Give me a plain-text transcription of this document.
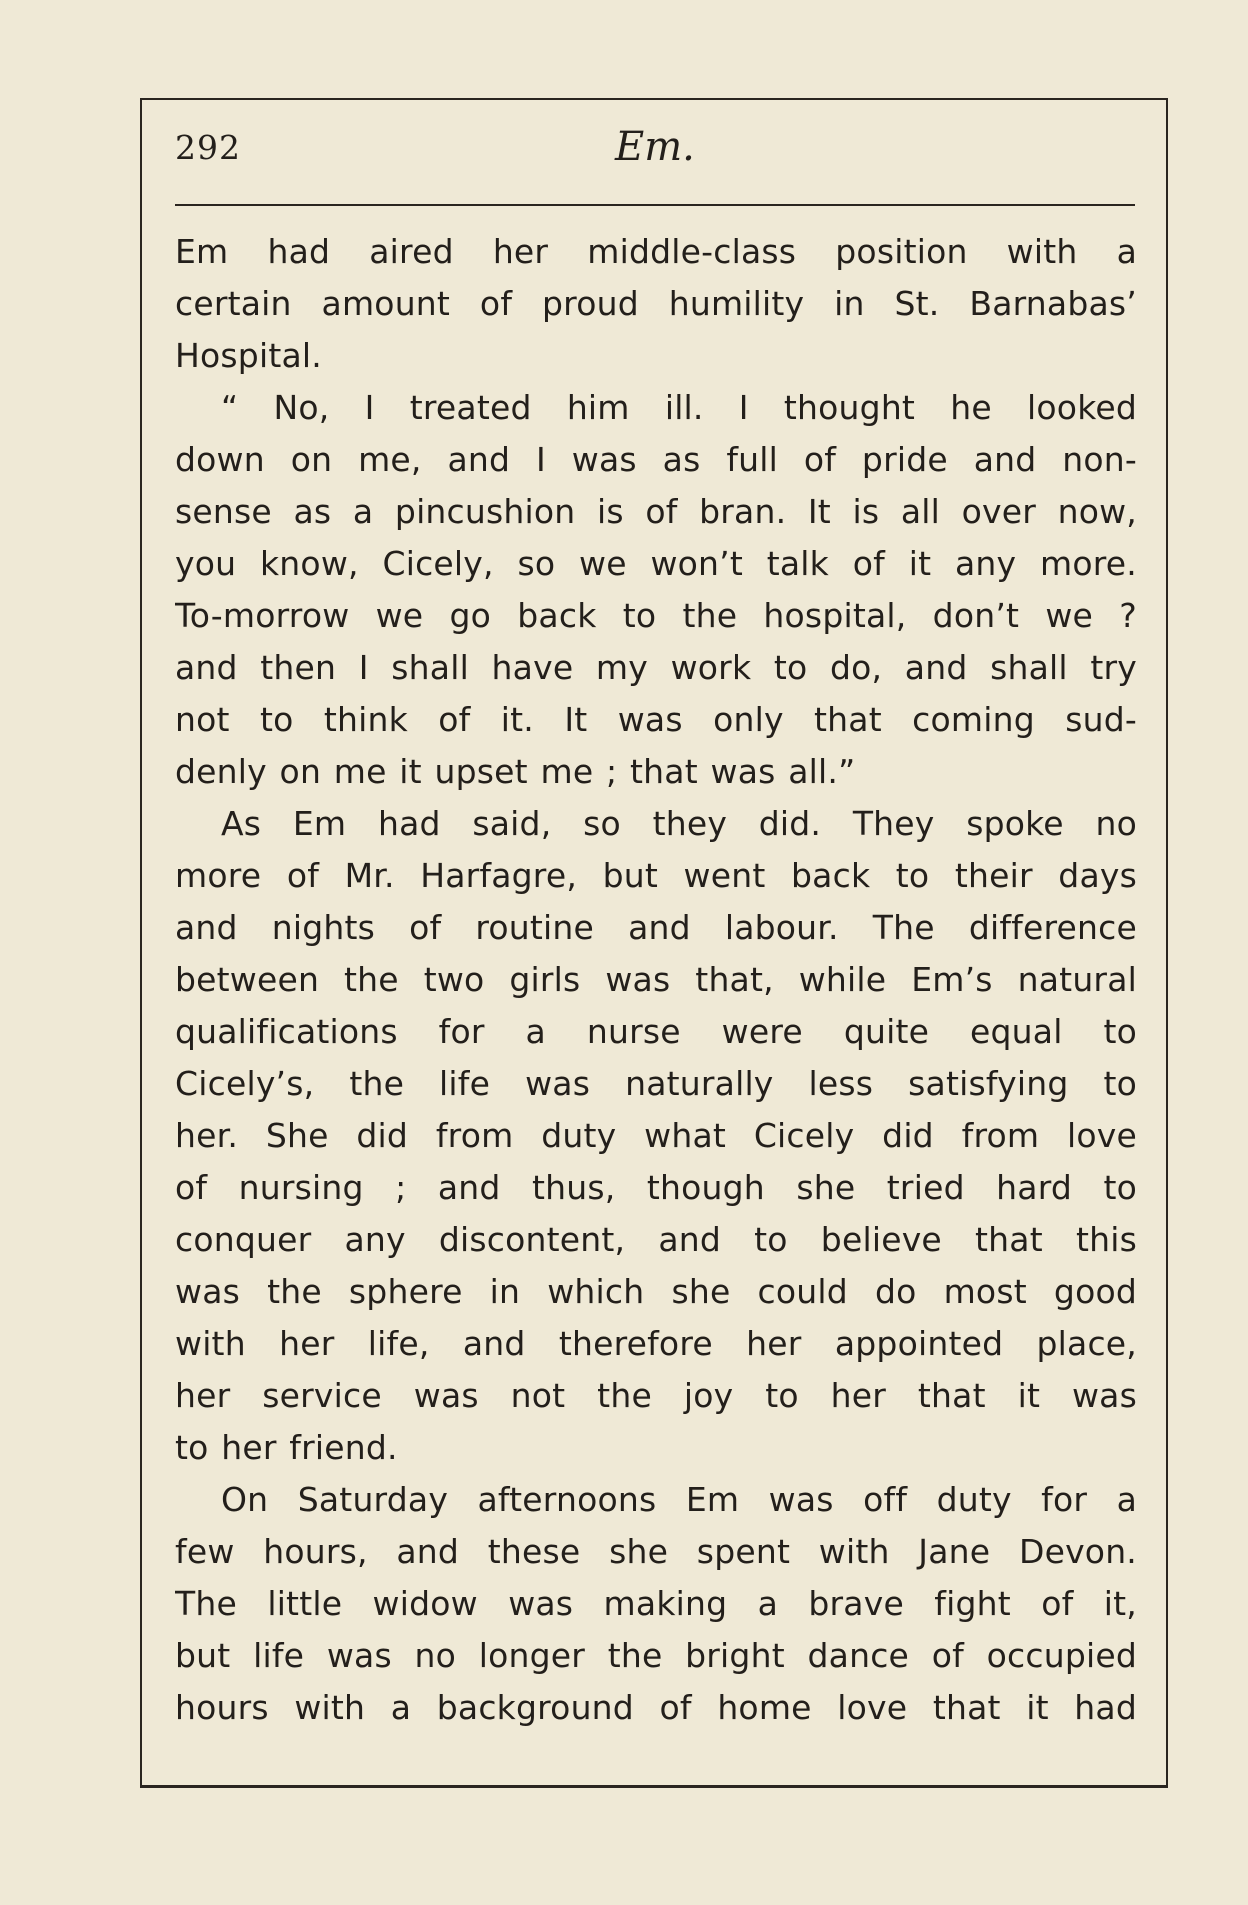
292	Em.
Em had aired her middle-class position with a
certain amount of proud humility in St. Barnabas’
Hospital.
“ No, I treated him ill. I thought he looked
down on me, and I was as full of pride and non-
sense as a pincushion is of bran. It is all over now,
you know, Cicely, so we won’t talk of it any more.
To-morrow we go back to the hospital, don’t we ?
and then I shall have my work to do, and shall try
not to think of it. It was only that coming sud-
denly on me it upset me ; that was all.”
As Em had said, so they did. They spoke no
more of Mr. Harfagre, but went back to their days
and nights of routine and labour. The difference
between the two girls was that, while Em’s natural
qualifications for a nurse were quite equal to
Cicely’s, the life was naturally less satisfying to
her. She did from duty what Cicely did from love
of nursing ; and thus, though she tried hard to
conquer any discontent, and to believe that this
was the sphere in which she could do most good
with her life, and therefore her appointed place,
her service was not the joy to her that it was
to her friend.
On Saturday afternoons Em was off duty for a
few hours, and these she spent with Jane Devon.
The little widow was making a brave fight of it,
but life was no longer the bright dance of occupied
hours with a background of home love that it had
